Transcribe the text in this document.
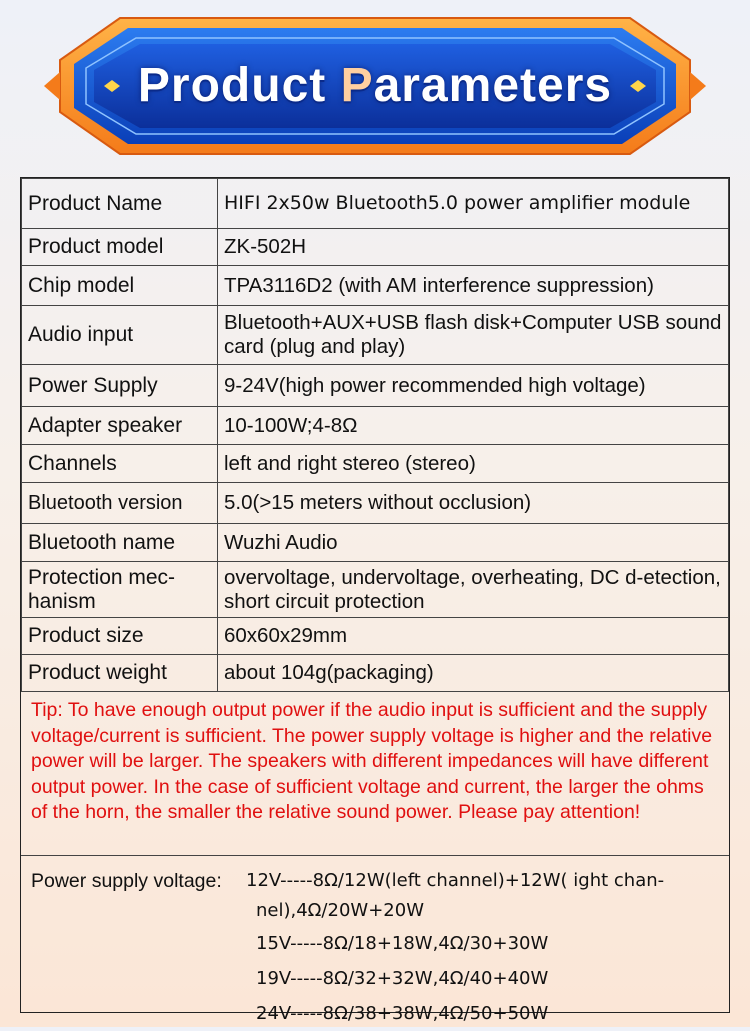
Product Parameters
Product Name	HIFI 2x50w Bluetooth5.0 power amplifier module
Product model	ZK-502H
Chip model	TPA3116D2 (with AM interference suppression)
Audio input	Bluetooth+AUX+USB flash disk+Computer USB sound card (plug and play)
Power Supply	9-24V(high power recommended high voltage)
Adapter speaker	10-100W;4-8Ω
Channels	left and right stereo (stereo)
Bluetooth version	5.0(>15 meters without occlusion)
Bluetooth name	Wuzhi Audio
Protection mec-hanism	overvoltage, undervoltage, overheating, DC d-etection, short circuit protection
Product size	60x60x29mm
Product weight	about 104g(packaging)
Tip: To have enough output power if the audio input is sufficient and the supply voltage/current is sufficient. The power supply voltage is higher and the relative power will be larger. The speakers with different impedances will have different output power. In the case of sufficient voltage and current, the larger the ohms of the horn, the smaller the relative sound power. Please pay attention!
Power supply voltage: 12V-----8Ω/12W(left channel)+12W( ight chan-
nel),4Ω/20W+20W
15V-----8Ω/18+18W,4Ω/30+30W
19V-----8Ω/32+32W,4Ω/40+40W
24V-----8Ω/38+38W,4Ω/50+50W
